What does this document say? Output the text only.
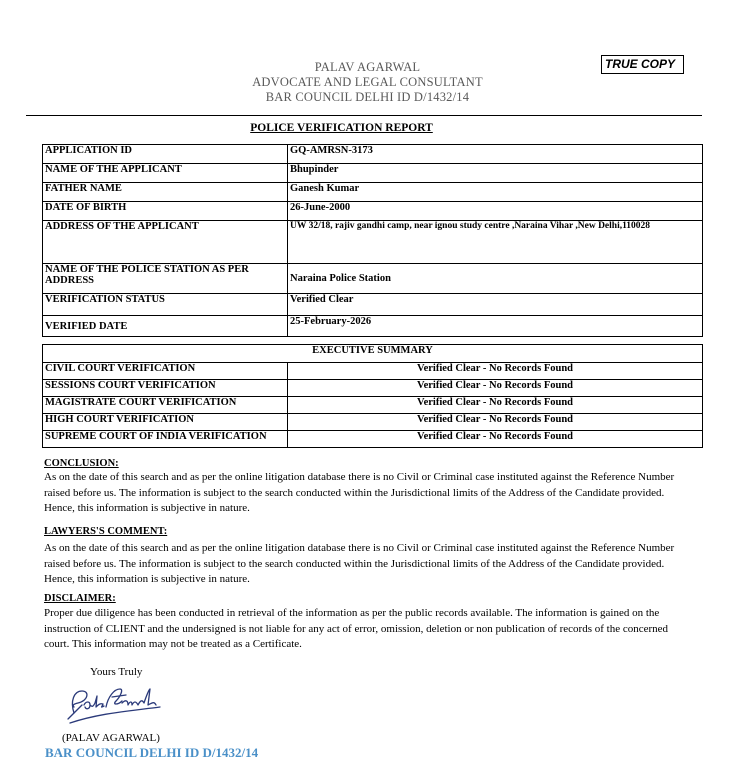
PALAV AGARWAL
ADVOCATE AND LEGAL CONSULTANT
BAR COUNCIL DELHI ID D/1432/14
TRUE COPY
POLICE VERIFICATION REPORT
APPLICATION ID	GQ-AMRSN-3173
NAME OF THE APPLICANT	Bhupinder
FATHER NAME	Ganesh Kumar
DATE OF BIRTH	26-June-2000
ADDRESS OF THE APPLICANT	UW 32/18, rajiv gandhi camp, near ignou study centre ,Naraina Vihar ,New Delhi,110028
NAME OF THE POLICE STATION AS PER ADDRESS	Naraina Police Station
VERIFICATION STATUS	Verified Clear
VERIFIED DATE	25-February-2026
EXECUTIVE SUMMARY	
CIVIL COURT VERIFICATION	Verified Clear - No Records Found
SESSIONS COURT VERIFICATION	Verified Clear - No Records Found
MAGISTRATE COURT VERIFICATION	Verified Clear - No Records Found
HIGH COURT VERIFICATION	Verified Clear - No Records Found
SUPREME COURT OF INDIA VERIFICATION	Verified Clear - No Records Found
CONCLUSION:
As on the date of this search and as per the online litigation database there is no Civil or Criminal case instituted against the Reference Number raised before us. The information is subject to the search conducted within the Jurisdictional limits of the Address of the Candidate provided. Hence, this information is subjective in nature.
LAWYERS'S COMMENT:
As on the date of this search and as per the online litigation database there is no Civil or Criminal case instituted against the Reference Number raised before us. The information is subject to the search conducted within the Jurisdictional limits of the Address of the Candidate provided. Hence, this information is subjective in nature.
DISCLAIMER:
Proper due diligence has been conducted in retrieval of the information as per the public records available. The information is gained on the instruction of CLIENT and the undersigned is not liable for any act of error, omission, deletion or non publication of records of the concerned court. This information may not be treated as a Certificate.
Yours Truly
(PALAV AGARWAL)
BAR COUNCIL DELHI ID D/1432/14
